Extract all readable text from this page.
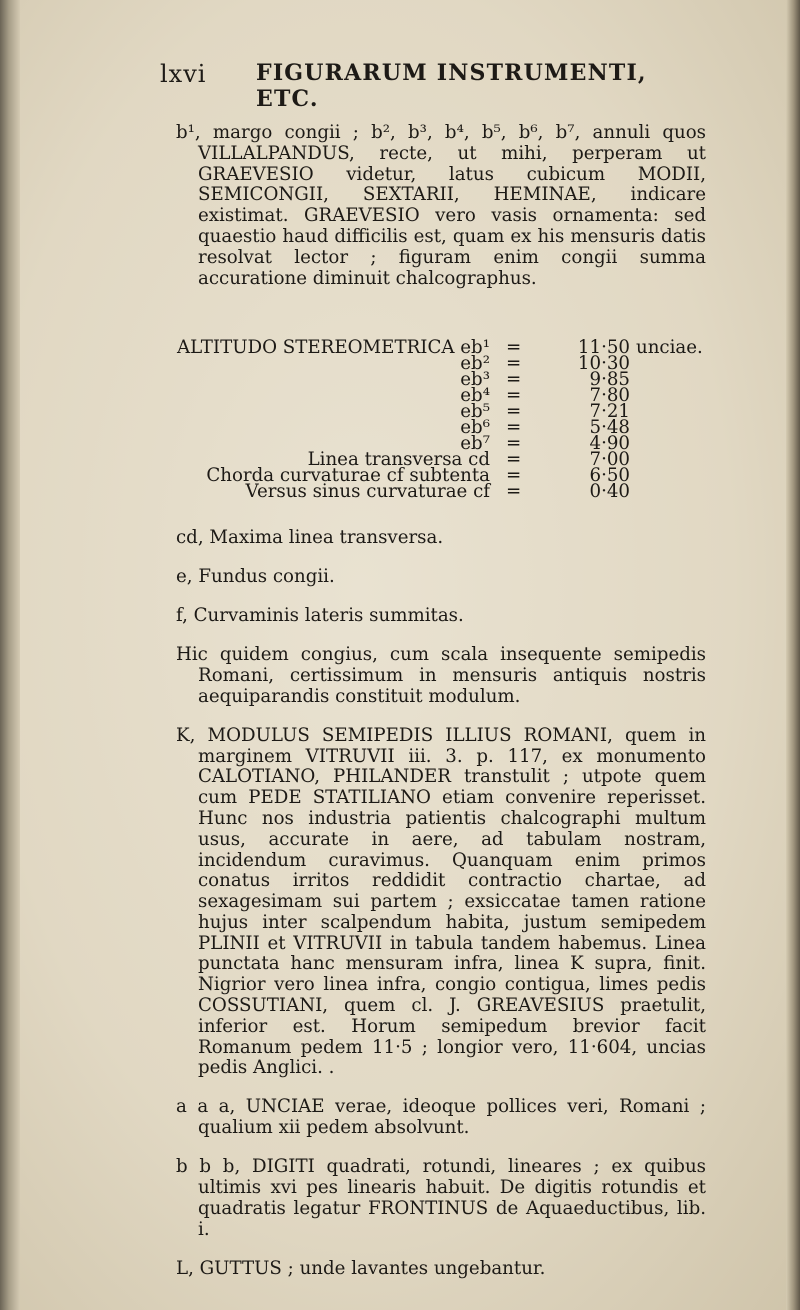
lxvi FIGURARUM INSTRUMENTI, ETC.

b¹, margo congii ; b², b³, b⁴, b⁵, b⁶, b⁷, annuli quos VILLALPANDUS, recte, ut mihi, perperam ut GRAEVESIO videtur, latus cubicum MODII, SEMICONGII, SEXTARII, HEMINAE, indicare existimat. GRAEVESIO vero vasis ornamenta: sed quaestio haud difficilis est, quam ex his mensuris datis resolvat lector ; figuram enim congii summa accuratione diminuit chalcographus.

ALTITUDO STEREOMETRICA eb¹ =	11·50 unciae.
eb² =	10·30
eb³ =	9·85
eb⁴ =	7·80
eb⁵ =	7·21
eb⁶ =	5·48
eb⁷ =	4·90
Linea transversa cd =	7·00
Chorda curvaturae cf subtenta =	6·50
Versus sinus curvaturae cf =	0·40

cd, Maxima linea transversa.

e, Fundus congii.

f, Curvaminis lateris summitas.

Hic quidem congius, cum scala insequente semipedis Romani, certissimum in mensuris antiquis nostris aequiparandis constituit modulum.

K, MODULUS SEMIPEDIS ILLIUS ROMANI, quem in marginem VITRUVII iii. 3. p. 117, ex monumento CALOTIANO, PHILANDER transtulit ; utpote quem cum PEDE STATILIANO etiam convenire reperisset. Hunc nos industria patientis chalcographi multum usus, accurate in aere, ad tabulam nostram, incidendum curavimus. Quanquam enim primos conatus irritos reddidit contractio chartae, ad sexagesimam sui partem ; exsiccatae tamen ratione hujus inter scalpendum habita, justum semipedem PLINII et VITRUVII in tabula tandem habemus. Linea punctata hanc mensuram infra, linea K supra, finit. Nigrior vero linea infra, congio contigua, limes pedis COSSUTIANI, quem cl. J. GREAVESIUS praetulit, inferior est. Horum semipedum brevior facit Romanum pedem 11·5 ; longior vero, 11·604, uncias pedis Anglici. .

a a a, UNCIAE verae, ideoque pollices veri, Romani ; qualium xii pedem absolvunt.

b b b, DIGITI quadrati, rotundi, lineares ; ex quibus ultimis xvi pes linearis habuit. De digitis rotundis et quadratis legatur FRONTINUS de Aquaeductibus, lib. i.

L, GUTTUS ; unde lavantes ungebantur.
